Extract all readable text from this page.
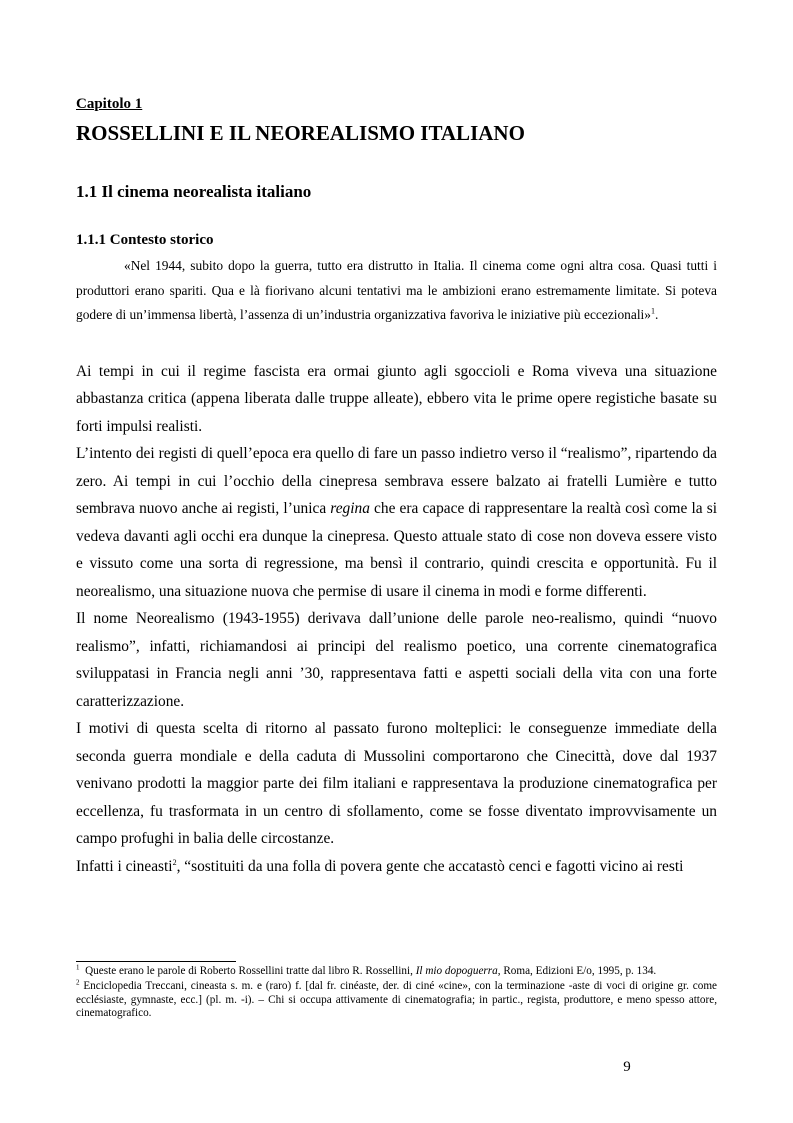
Capitolo 1

ROSSELLINI E IL NEOREALISMO ITALIANO
1.1 Il cinema neorealista italiano
1.1.1 Contesto storico

«Nel 1944, subito dopo la guerra, tutto era distrutto in Italia. Il cinema come ogni altra cosa. Quasi tutti i produttori erano spariti. Qua e là fiorivano alcuni tentativi ma le ambizioni erano estremamente limitate. Si poteva godere di un’immensa libertà, l’assenza di un’industria organizzativa favoriva le iniziative più eccezionali»$^1$.

Ai tempi in cui il regime fascista era ormai giunto agli sgoccioli e Roma viveva una situazione abbastanza critica (appena liberata dalle truppe alleate), ebbero vita le prime opere registiche basate su forti impulsi realisti.

L’intento dei registi di quell’epoca era quello di fare un passo indietro verso il “realismo”, ripartendo da zero. Ai tempi in cui l’occhio della cinepresa sembrava essere balzato ai fratelli Lumière e tutto sembrava nuovo anche ai registi, l’unica regina che era capace di rappresentare la realtà così come la si vedeva davanti agli occhi era dunque la cinepresa. Questo attuale stato di cose non doveva essere visto e vissuto come una sorta di regressione, ma bensì il contrario, quindi crescita e opportunità. Fu il neorealismo, una situazione nuova che permise di usare il cinema in modi e forme differenti.

Il nome Neorealismo (1943-1955) derivava dall’unione delle parole neo-realismo, quindi “nuovo realismo”, infatti, richiamandosi ai principi del realismo poetico, una corrente cinematografica sviluppatasi in Francia negli anni ’30, rappresentava fatti e aspetti sociali della vita con una forte caratterizzazione.

I motivi di questa scelta di ritorno al passato furono molteplici: le conseguenze immediate della seconda guerra mondiale e della caduta di Mussolini comportarono che Cinecittà, dove dal 1937 venivano prodotti la maggior parte dei film italiani e rappresentava la produzione cinematografica per eccellenza, fu trasformata in un centro di sfollamento, come se fosse diventato improvvisamente un campo profughi in balia delle circostanze.

Infatti i cineasti$^2$, “sostituiti da una folla di povera gente che accatastò cenci e fagotti vicino ai resti

$^1$ Queste erano le parole di Roberto Rossellini tratte dal libro R. Rossellini, Il mio dopoguerra, Roma, Edizioni E/o, 1995, p. 134.

$^2$ Enciclopedia Treccani, cineasta s. m. e (raro) f. [dal fr. cinéaste, der. di ciné «cine», con la terminazione -aste di voci di origine gr. come ecclésiaste, gymnaste, ecc.] (pl. m. -i). – Chi si occupa attivamente di cinematografia; in partic., regista, produttore, e meno spesso attore, cinematografico.

9
